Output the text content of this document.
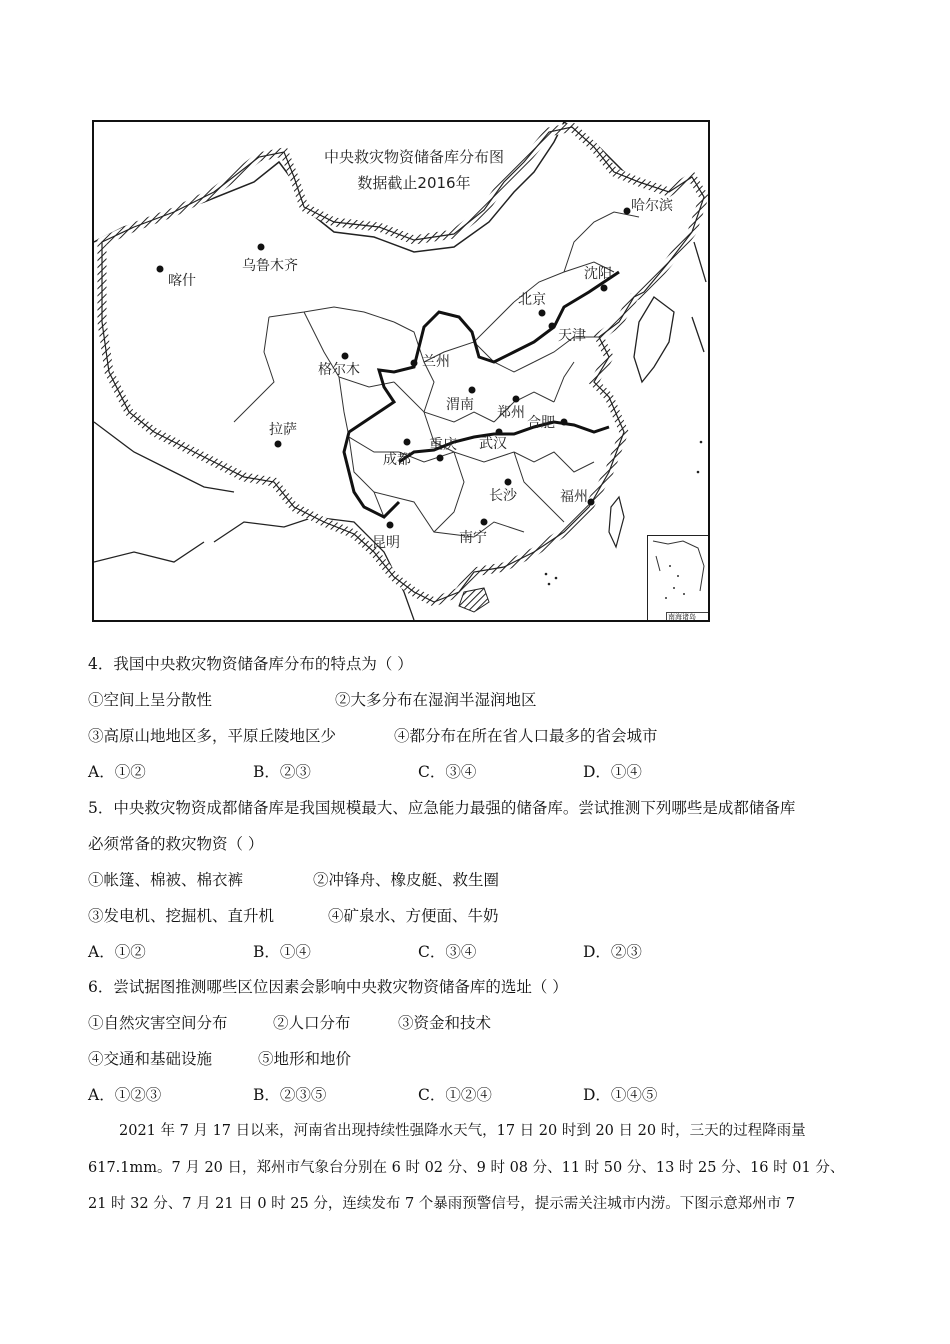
中央救灾物资储备库分布图
数据截止2016年
哈尔滨
乌鲁木齐
喀什	沈阳
北京
天津
格尔木	兰州
渭南 郑州
合肥
拉萨
成都
重庆 武汉
长沙	福州
昆明	南宁
南海诸岛
4．我国中央救灾物资储备库分布的特点为（ ）
①空间上呈分散性	②大多分布在湿润半湿润地区
③高原山地地区多，平原丘陵地区少	④都分布在所在省人口最多的省会城市
A．①②	B．②③	C．③④	D．①④
5．中央救灾物资成都储备库是我国规模最大、应急能力最强的储备库。尝试推测下列哪些是成都储备库
必须常备的救灾物资（ ）
①帐篷、棉被、棉衣裤	②冲锋舟、橡皮艇、救生圈
③发电机、挖掘机、直升机	④矿泉水、方便面、牛奶
A．①②	B．①④	C．③④	D．②③
6．尝试据图推测哪些区位因素会影响中央救灾物资储备库的选址（ ）
①自然灾害空间分布	②人口分布	③资金和技术
④交通和基础设施	⑤地形和地价
A．①②③	B．②③⑤	C．①②④	D．①④⑤
2021 年 7 月 17 日以来，河南省出现持续性强降水天气，17 日 20 时到 20 日 20 时，三天的过程降雨量
617.1mm。7 月 20 日，郑州市气象台分别在 6 时 02 分、9 时 08 分、11 时 50 分、13 时 25 分、16 时 01 分、
21 时 32 分、7 月 21 日 0 时 25 分，连续发布 7 个暴雨预警信号，提示需关注城市内涝。下图示意郑州市 7
